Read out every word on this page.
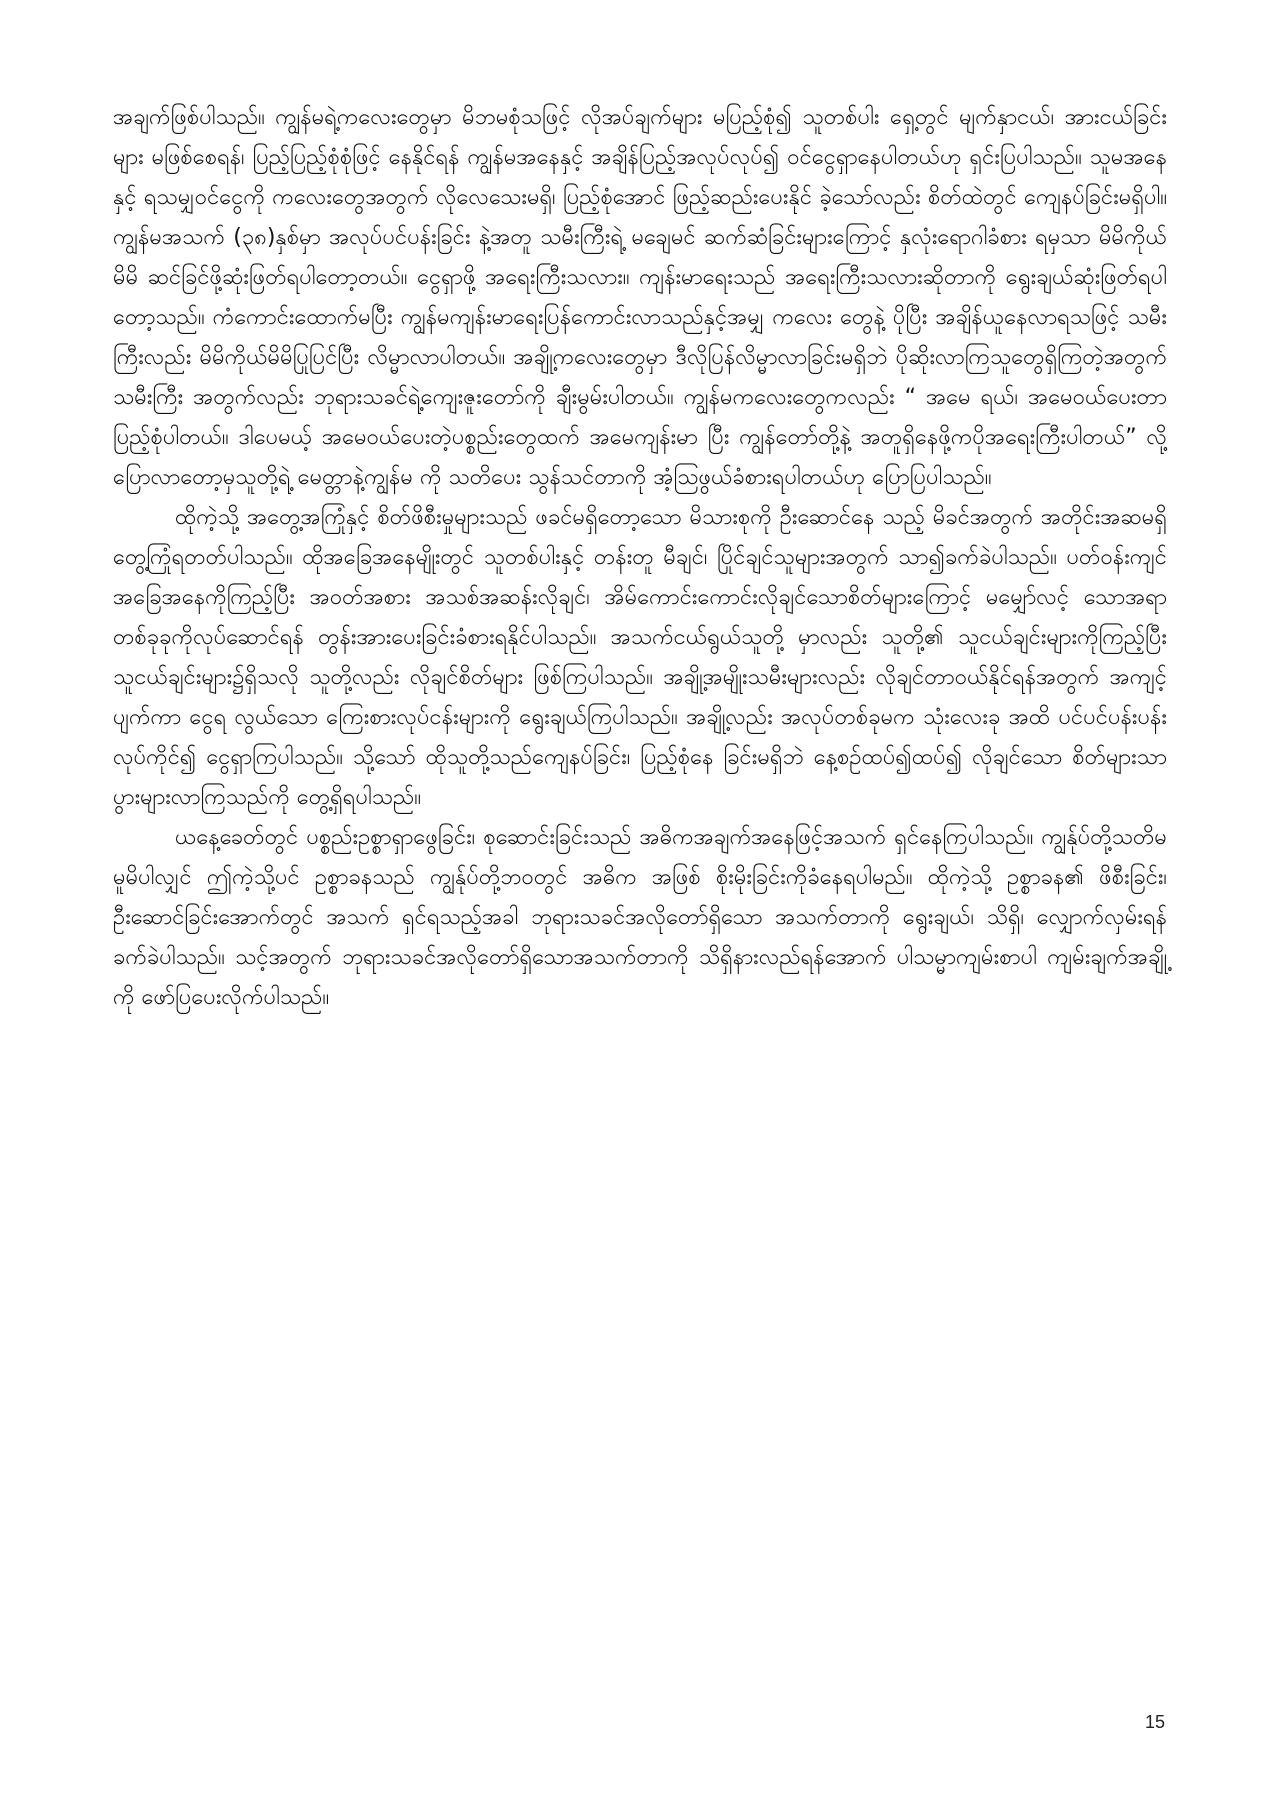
အချက်ဖြစ်ပါသည်။ ကျွန်မရဲ့ကလေးတွေမှာ မိဘမစုံသဖြင့် လိုအပ်ချက်များ မပြည့်စုံ၍ သူတစ်ပါး ရှေ့တွင် မျက်နှာငယ်၊ အားငယ်ခြင်းများ မဖြစ်စေရန်၊ ပြည့်ပြည့်စုံစုံဖြင့် နေနိုင်ရန် ကျွန်မအနေနှင့် အချိန်ပြည့်အလုပ်လုပ်၍ ဝင်ငွေရှာနေပါတယ်ဟု ရှင်းပြပါသည်။ သူမအနေနှင့် ရသမျှဝင်ငွေကို ကလေးတွေအတွက် လိုလေသေးမရှိ၊ ပြည့်စုံအောင် ဖြည့်ဆည်းပေးနိုင် ခဲ့သော်လည်း စိတ်ထဲတွင် ကျေနပ်ခြင်းမရှိပါ။ ကျွန်မအသက် (၃၈)နှစ်မှာ အလုပ်ပင်ပန်းခြင်း နဲ့အတူ သမီးကြီးရဲ့ မချေမင် ဆက်ဆံခြင်းများကြောင့် နှလုံးရောဂါခံစား ရမှသာ မိမိကိုယ်မိမိ ဆင်ခြင်ဖို့ဆုံးဖြတ်ရပါတော့တယ်။ ငွေရှာဖို့ အရေးကြီးသလား။ ကျန်းမာရေးသည် အရေးကြီးသလားဆိုတာကို ရွေးချယ်ဆုံးဖြတ်ရပါ တော့သည်။ ကံကောင်းထောက်မပြီး ကျွန်မကျန်းမာရေးပြန်ကောင်းလာသည်နှင့်အမျှ ကလေး တွေနဲ့ ပိုပြီး အချိန်ယူနေလာရသဖြင့် သမီးကြီးလည်း မိမိကိုယ်မိမိပြုပြင်ပြီး လိမ္မာလာပါတယ်။ အချို့ကလေးတွေမှာ ဒီလိုပြန်လိမ္မာလာခြင်းမရှိဘဲ ပိုဆိုးလာကြသူတွေရှိကြတဲ့အတွက် သမီးကြီး အတွက်လည်း ဘုရားသခင်ရဲ့ကျေးဇူးတော်ကို ချီးမွမ်းပါတယ်။ ကျွန်မကလေးတွေကလည်း “ အမေ ရယ်၊ အမေဝယ်ပေးတာ ပြည့်စုံပါတယ်။ ဒါပေမယ့် အမေဝယ်ပေးတဲ့ပစ္စည်းတွေထက် အမေကျန်းမာ ပြီး ကျွန်တော်တို့နဲ့ အတူရှိနေဖို့ကပိုအရေးကြီးပါတယ်” လို့ ပြောလာတော့မှသူတို့ရဲ့ မေတ္တာနဲ့ကျွန်မ ကို သတိပေး သွန်သင်တာကို အံ့ဩဖွယ်ခံစားရပါတယ်ဟု ပြောပြပါသည်။

ထိုကဲ့သို့ အတွေ့အကြုံနှင့် စိတ်ဖိစီးမှုများသည် ဖခင်မရှိတော့သော မိသားစုကို ဦးဆောင်နေ သည့် မိခင်အတွက် အတိုင်းအဆမရှိ တွေ့ကြုံရတတ်ပါသည်။ ထိုအခြေအနေမျိုးတွင် သူတစ်ပါးနှင့် တန်းတူ မီချင်၊ ပြိုင်ချင်သူများအတွက် သာ၍ခက်ခဲပါသည်။ ပတ်ဝန်းကျင်အခြေအနေကိုကြည့်ပြီး အဝတ်အစား အသစ်အဆန်းလိုချင်၊ အိမ်ကောင်းကောင်းလိုချင်သောစိတ်များကြောင့် မမျှော်လင့် သောအရာတစ်ခုခုကိုလုပ်ဆောင်ရန် တွန်းအားပေးခြင်းခံစားရနိုင်ပါသည်။ အသက်ငယ်ရွယ်သူတို့ မှာလည်း သူတို့၏ သူငယ်ချင်းများကိုကြည့်ပြီး သူငယ်ချင်းများ၌ရှိသလို သူတို့လည်း လိုချင်စိတ်များ ဖြစ်ကြပါသည်။ အချို့အမျိုးသမီးများလည်း လိုချင်တာဝယ်နိုင်ရန်အတွက် အကျင့်ပျက်ကာ ငွေရ လွယ်သော ကြေးစားလုပ်ငန်းများကို ရွေးချယ်ကြပါသည်။ အချို့လည်း အလုပ်တစ်ခုမက သုံးလေးခု အထိ ပင်ပင်ပန်းပန်းလုပ်ကိုင်၍ ငွေရှာကြပါသည်။ သို့သော် ထိုသူတို့သည်ကျေနပ်ခြင်း၊ ပြည့်စုံနေ ခြင်းမရှိဘဲ နေ့စဉ်ထပ်၍ထပ်၍ လိုချင်သော စိတ်များသာ ပွားများလာကြသည်ကို တွေ့ရှိရပါသည်။

ယနေ့ခေတ်တွင် ပစ္စည်းဥစ္စာရှာဖွေခြင်း၊ စုဆောင်းခြင်းသည် အဓိကအချက်အနေဖြင့်အသက် ရှင်နေကြပါသည်။ ကျွန်ုပ်တို့သတိမမူမိပါလျှင် ဤကဲ့သို့ပင် ဥစ္စာခနသည် ကျွန်ုပ်တို့ဘဝတွင် အဓိက အဖြစ် စိုးမိုးခြင်းကိုခံနေရပါမည်။ ထိုကဲ့သို့ ဥစ္စာခန၏ ဖိစီးခြင်း၊ ဦးဆောင်ခြင်းအောက်တွင် အသက် ရှင်ရသည့်အခါ ဘုရားသခင်အလိုတော်ရှိသော အသက်တာကို ရွေးချယ်၊ သိရှိ၊ လျှောက်လှမ်းရန် ခက်ခဲပါသည်။ သင့်အတွက် ဘုရားသခင်အလိုတော်ရှိသောအသက်တာကို သိရှိနားလည်ရန်အောက် ပါသမ္မာကျမ်းစာပါ ကျမ်းချက်အချို့ကို ဖော်ပြပေးလိုက်ပါသည်။

15
